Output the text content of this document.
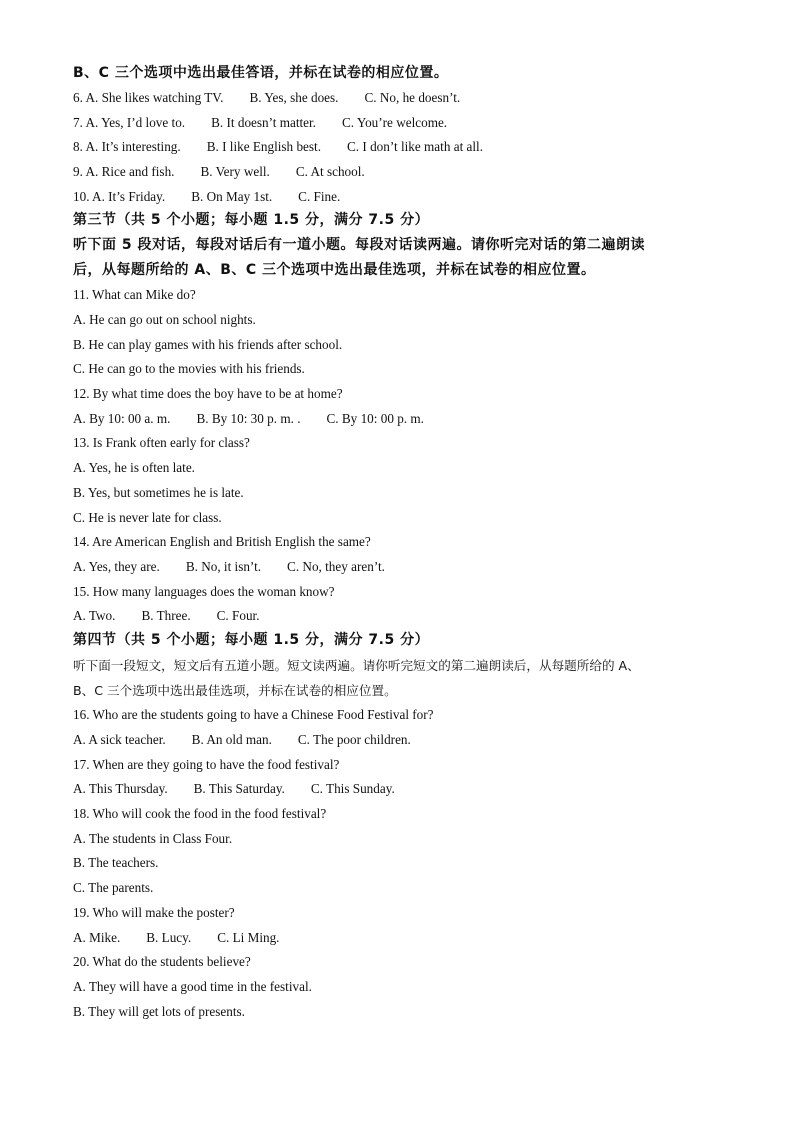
B、C 三个选项中选出最佳答语，并标在试卷的相应位置。
6. A. She likes watching TV. B. Yes, she does. C. No, he doesn’t.
7. A. Yes, I’d love to. B. It doesn’t matter. C. You’re welcome.
8. A. It’s interesting. B. I like English best. C. I don’t like math at all.
9. A. Rice and fish. B. Very well. C. At school.
10. A. It’s Friday. B. On May 1st. C. Fine.
第三节（共 5 个小题；每小题 1.5 分，满分 7.5 分）
听下面 5 段对话，每段对话后有一道小题。每段对话读两遍。请你听完对话的第二遍朗读
后，从每题所给的 A、B、C 三个选项中选出最佳选项，并标在试卷的相应位置。
11. What can Mike do?
A. He can go out on school nights.
B. He can play games with his friends after school.
C. He can go to the movies with his friends.
12. By what time does the boy have to be at home?
A. By 10: 00 a. m. B. By 10: 30 p. m. . C. By 10: 00 p. m.
13. Is Frank often early for class?
A. Yes, he is often late.
B. Yes, but sometimes he is late.
C. He is never late for class.
14. Are American English and British English the same?
A. Yes, they are. B. No, it isn’t. C. No, they aren’t.
15. How many languages does the woman know?
A. Two. B. Three. C. Four.
第四节（共 5 个小题；每小题 1.5 分，满分 7.5 分）
听下面一段短文，短文后有五道小题。短文读两遍。请你听完短文的第二遍朗读后，从每题所给的 A、
B、C 三个选项中选出最佳选项，并标在试卷的相应位置。
16. Who are the students going to have a Chinese Food Festival for?
A. A sick teacher. B. An old man. C. The poor children.
17. When are they going to have the food festival?
A. This Thursday. B. This Saturday. C. This Sunday.
18. Who will cook the food in the food festival?
A. The students in Class Four.
B. The teachers.
C. The parents.
19. Who will make the poster?
A. Mike. B. Lucy. C. Li Ming.
20. What do the students believe?
A. They will have a good time in the festival.
B. They will get lots of presents.
